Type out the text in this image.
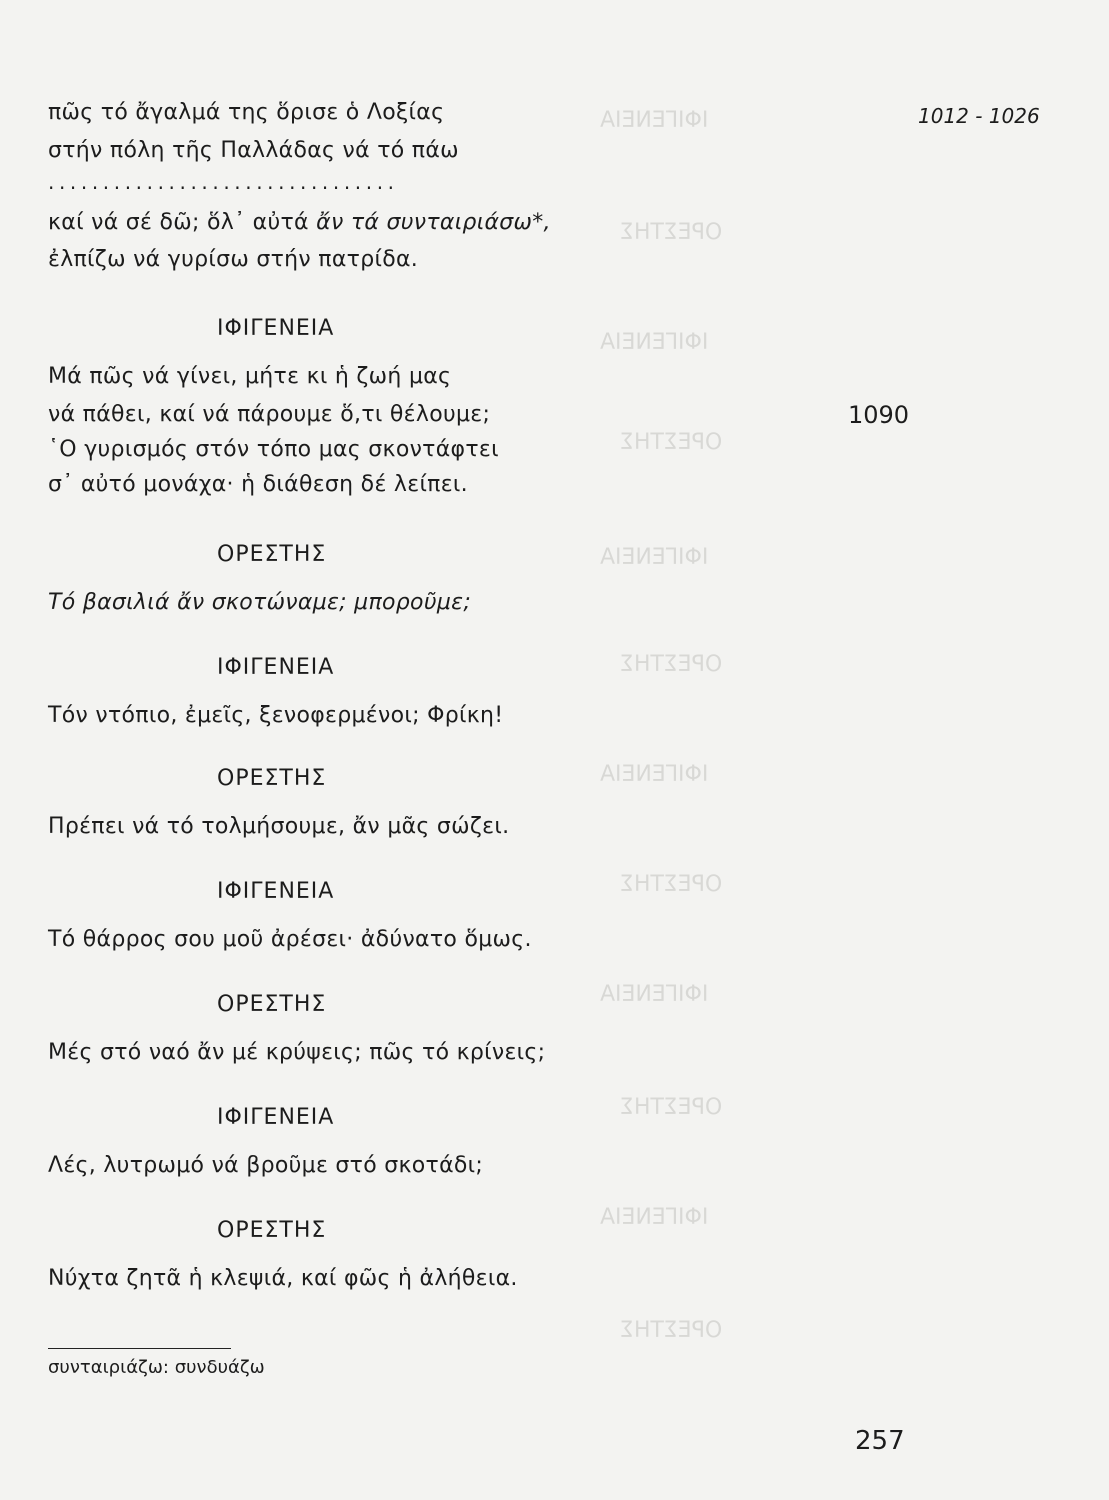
ΙΦΙΓΕΝΕΙΑ
ΟΡΕΣΤΗΣ
ΙΦΙΓΕΝΕΙΑ
ΟΡΕΣΤΗΣ
ΙΦΙΓΕΝΕΙΑ
ΟΡΕΣΤΗΣ
ΙΦΙΓΕΝΕΙΑ
ΟΡΕΣΤΗΣ
ΙΦΙΓΕΝΕΙΑ
ΟΡΕΣΤΗΣ
ΙΦΙΓΕΝΕΙΑ
ΟΡΕΣΤΗΣ
1012 - 1026
πῶς τό ἄγαλμά της ὅρισε ὁ Λοξίας
στήν πόλη τῆς Παλλάδας νά τό πάω
................................
καί νά σέ δῶ; ὅλ᾽ αὐτά ἄν τά συνταιριάσω*,
ἐλπίζω νά γυρίσω στήν πατρίδα.
ΙΦΙΓΕΝΕΙΑ
Μά πῶς νά γίνει, μήτε κι ἡ ζωή μας
νά πάθει, καί νά πάρουμε ὅ,τι θέλουμε;	1090
῾Ο γυρισμός στόν τόπο μας σκοντάφτει
σ᾽ αὐτό μονάχα· ἡ διάθεση δέ λείπει.
ΟΡΕΣΤΗΣ
Τό βασιλιά ἄν σκοτώναμε; μποροῦμε;
ΙΦΙΓΕΝΕΙΑ
Τόν ντόπιο, ἐμεῖς, ξενοφερμένοι; Φρίκη!
ΟΡΕΣΤΗΣ
Πρέπει νά τό τολμήσουμε, ἄν μᾶς σώζει.
ΙΦΙΓΕΝΕΙΑ
Τό θάρρος σου μοῦ ἀρέσει· ἀδύνατο ὅμως.
ΟΡΕΣΤΗΣ
Μές στό ναό ἄν μέ κρύψεις; πῶς τό κρίνεις;
ΙΦΙΓΕΝΕΙΑ
Λές, λυτρωμό νά βροῦμε στό σκοτάδι;
ΟΡΕΣΤΗΣ
Νύχτα ζητᾶ ἡ κλεψιά, καί φῶς ἡ ἀλήθεια.
συνταιριάζω: συνδυάζω
257
